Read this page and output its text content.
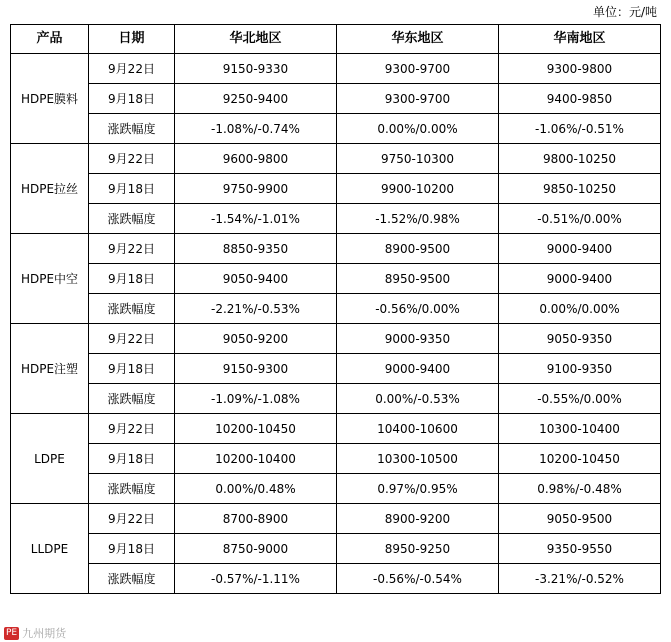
单位：元/吨
产品	日期	华北地区	华东地区	华南地区
HDPE膜料	9月22日	9150-9330	9300-9700	9300-9800
	9月18日	9250-9400	9300-9700	9400-9850
	涨跌幅度	-1.08%/-0.74%	0.00%/0.00%	-1.06%/-0.51%
HDPE拉丝	9月22日	9600-9800	9750-10300	9800-10250
	9月18日	9750-9900	9900-10200	9850-10250
	涨跌幅度	-1.54%/-1.01%	-1.52%/0.98%	-0.51%/0.00%
HDPE中空	9月22日	8850-9350	8900-9500	9000-9400
	9月18日	9050-9400	8950-9500	9000-9400
	涨跌幅度	-2.21%/-0.53%	-0.56%/0.00%	0.00%/0.00%
HDPE注塑	9月22日	9050-9200	9000-9350	9050-9350
	9月18日	9150-9300	9000-9400	9100-9350
	涨跌幅度	-1.09%/-1.08%	0.00%/-0.53%	-0.55%/0.00%
LDPE	9月22日	10200-10450	10400-10600	10300-10400
	9月18日	10200-10400	10300-10500	10200-10450
	涨跌幅度	0.00%/0.48%	0.97%/0.95%	0.98%/-0.48%
LLDPE	9月22日	8700-8900	8900-9200	9050-9500
	9月18日	8750-9000	8950-9250	9350-9550
	涨跌幅度	-0.57%/-1.11%	-0.56%/-0.54%	-3.21%/-0.52%
PE 九州期货
